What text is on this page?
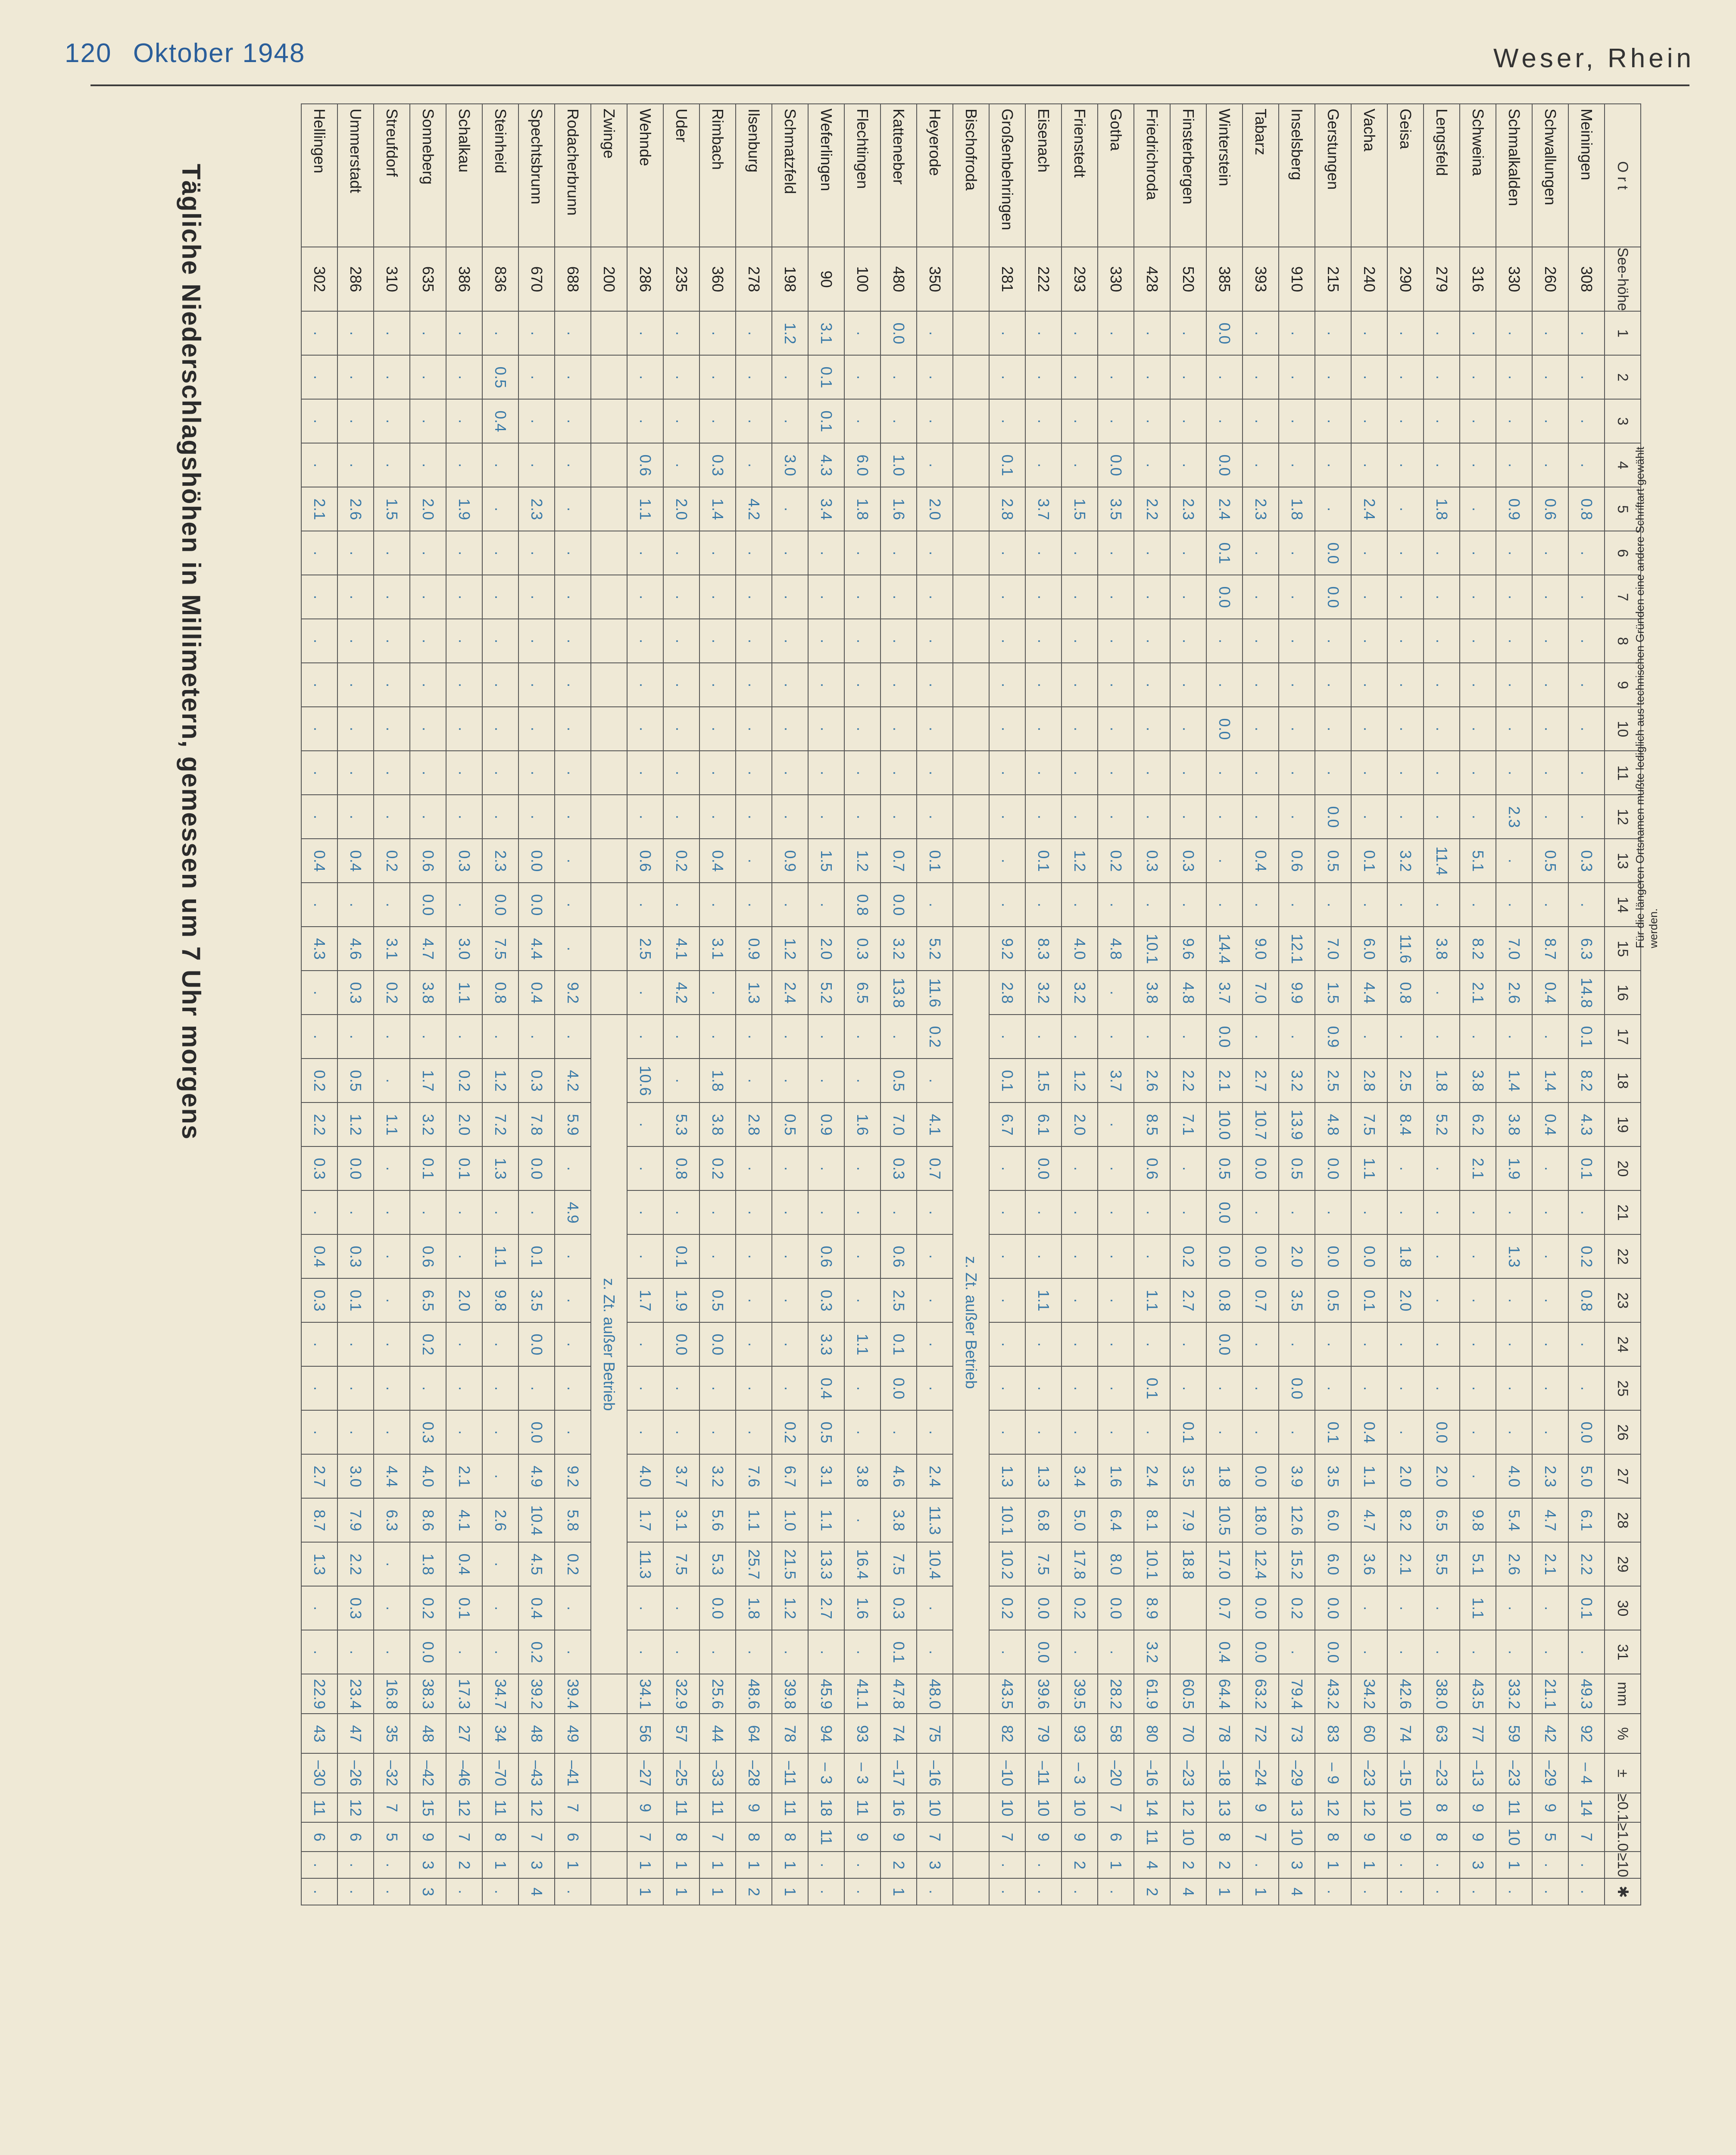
120 Oktober 1948	Weser, Rhein
Tägliche Niederschlagshöhen in Millimetern, gemessen um 7 Uhr morgens	O r t	See-höhe	1	2	3	4	5	6	7	8	9	10	11	12	13	14	15	16	17	18	19	20	21	22	23	24	25	26	27	28	29	30	31	mm	%	±	≥0.1	≥1.0	≥10	✱
Meiningen	308	.	.	.	.	0.8	.	.	.	.	.	.	.	0.3	.	6.3	14.8	0.1	8.2	4.3	0.1	.	0.2	0.8	.	.	0.0	5.0	6.1	2.2	0.1	.	49.3	92	– 4	14	7	.	.
Schwallungen	260	.	.	.	.	0.6	.	.	.	.	.	.	.	0.5	.	8.7	0.4	.	1.4	0.4	.	.	.	.	.	.	.	2.3	4.7	2.1	.	.	21.1	42	–29	9	5	.	.
Schmalkalden	330	.	.	.	.	0.9	.	.	.	.	.	.	2.3	.	.	7.0	2.6	.	1.4	3.8	1.9	.	1.3	.	.	.	.	4.0	5.4	2.6	.	.	33.2	59	–23	11	10	1	.
Schweina	316	.	.	.	.	.	.	.	.	.	.	.	.	5.1	.	8.2	2.1	.	3.8	6.2	2.1	.	.	.	.	.	.	.	9.8	5.1	1.1	.	43.5	77	–13	9	9	3	.
Lengsfeld	279	.	.	.	.	1.8	.	.	.	.	.	.	.	11.4	.	3.8	.	.	1.8	5.2	.	.	.	.	.	.	0.0	2.0	6.5	5.5	.	.	38.0	63	–23	8	8	.	.
Geisa	290	.	.	.	.	.	.	.	.	.	.	.	.	3.2	.	11.6	0.8	.	2.5	8.4	.	.	1.8	2.0	.	.	.	2.0	8.2	2.1	.	.	42.6	74	–15	10	9	.	.
Vacha	240	.	.	.	.	2.4	.	.	.	.	.	.	.	0.1	.	6.0	4.4	.	2.8	7.5	1.1	.	0.0	0.1	.	.	0.4	1.1	4.7	3.6	.	.	34.2	60	–23	12	9	1	.
Gerstungen	215	.	.	.	.	.	0.0	0.0	.	.	.	.	0.0	0.5	.	7.0	1.5	0.9	2.5	4.8	0.0	.	0.0	0.5	.	.	0.1	3.5	6.0	6.0	0.0	0.0	43.2	83	– 9	12	8	1	.
Inselsberg	910	.	.	.	.	1.8	.	.	.	.	.	.	.	0.6	.	12.1	9.9	.	3.2	13.9	0.5	.	2.0	3.5	.	0.0	.	3.9	12.6	15.2	0.2	.	79.4	73	–29	13	10	3	4
Tabarz	393	.	.	.	.	2.3	.	.	.	.	.	.	.	0.4	.	9.0	7.0	.	2.7	10.7	0.0	.	0.0	0.7	.	.	.	0.0	18.0	12.4	0.0	0.0	63.2	72	–24	9	7	.	1
Winterstein	385	0.0	.	.	0.0	2.4	0.1	0.0	.	.	0.0	.	.	.	.	14.4	3.7	0.0	2.1	10.0	0.5	0.0	0.0	0.8	0.0	.	.	1.8	10.5	17.0	0.7	0.4	64.4	78	–18	13	8	2	1
Finsterbergen	520	.	.	.	.	2.3	.	.	.	.	.	.	.	0.3	.	9.6	4.8	.	2.2	7.1	.	.	0.2	2.7	.	.	0.1	3.5	7.9	18.8			60.5	70	–23	12	10	2	4
Friedrichroda	428	.	.	.	.	2.2	.	.	.	.	.	.	.	0.3	.	10.1	3.8	.	2.6	8.5	0.6	.	.	1.1	.	0.1	.	2.4	8.1	10.1	8.9	3.2	61.9	80	–16	14	11	4	2
Gotha	330	.	.	.	0.0	3.5	.	.	.	.	.	.	.	0.2	.	4.8	.	.	3.7	.	.	.	.	.	.	.	.	1.6	6.4	8.0	0.0	.	28.2	58	–20	7	6	1	.
Frienstedt	293	.	.	.	.	1.5	.	.	.	.	.	.	.	1.2	.	4.0	3.2	.	1.2	2.0	.	.	.	.	.	.	.	3.4	5.0	17.8	0.2	.	39.5	93	– 3	10	9	2	.
Eisenach	222	.	.	.	.	3.7	.	.	.	.	.	.	.	0.1	.	8.3	3.2	.	1.5	6.1	0.0	.	.	1.1	.	.	.	1.3	6.8	7.5	0.0	0.0	39.6	79	–11	10	9	.	.
Großenbehringen	281	.	.	.	0.1	2.8	.	.	.	.	.	.	.	.	.	9.2	2.8	.	0.1	6.7	.	.	.	.	.	.	.	1.3	10.1	10.2	0.2	.	43.5	82	–10	10	7	.	.
Bischofroda																	z. Zt. außer Betrieb																						
Heyerode	350	.	.	.	.	2.0	.	.	.	.	.	.	.	0.1	.	5.2	11.6	0.2	.	4.1	0.7	.	.	.	.	.	.	2.4	11.3	10.4	.	.	48.0	75	–16	10	7	3	.
Katteneber	480	0.0	.	.	1.0	1.6	.	.	.	.	.	.	.	0.7	0.0	3.2	13.8	.	0.5	7.0	0.3	.	0.6	2.5	0.1	0.0	.	4.6	3.8	7.5	0.3	0.1	47.8	74	–17	16	9	2	1
Flechtingen	100	.	.	.	6.0	1.8	.	.	.	.	.	.	.	1.2	0.8	0.3	6.5	.	.	1.6	.	.	.	.	1.1	.	.	3.8	.	16.4	1.6	.	41.1	93	– 3	11	9	.	.
Weferlingen	90	3.1	0.1	0.1	4.3	3.4	.	.	.	.	.	.	.	1.5	.	2.0	5.2	.	.	0.9	.	.	0.6	0.3	3.3	0.4	0.5	3.1	1.1	13.3	2.7	.	45.9	94	– 3	18	11	.	.
Schmatzfeld	198	1.2	.	.	3.0	.	.	.	.	.	.	.	.	0.9	.	1.2	2.4	.	.	0.5	.	.	.	.	.	.	0.2	6.7	1.0	21.5	1.2	.	39.8	78	–11	11	8	1	1
Ilsenburg	278	.	.	.	.	4.2	.	.	.	.	.	.	.	.	.	0.9	1.3	.	.	2.8	.	.	.	.	.	.	.	7.6	1.1	25.7	1.8	.	48.6	64	–28	9	8	1	2
Rimbach	360	.	.	.	0.3	1.4	.	.	.	.	.	.	.	0.4	.	3.1	.	.	1.8	3.8	0.2	.	.	0.5	0.0	.	.	3.2	5.6	5.3	0.0	.	25.6	44	–33	11	7	1	1
Uder	235	.	.	.	.	2.0	.	.	.	.	.	.	.	0.2	.	4.1	4.2	.	.	5.3	0.8	.	0.1	1.9	0.0	.	.	3.7	3.1	7.5	.	.	32.9	57	–25	11	8	1	1
Wehnde	286	.	.	.	0.6	1.1	.	.	.	.	.	.	.	0.6	.	2.5	.	.	10.6	.	.	.	.	1.7	.	.	.	4.0	1.7	11.3	.	.	34.1	56	–27	9	7	1	1
Zwinge	200																	z. Zt. außer Betrieb																					
Rodacherbrunn	688	.	.	.	.	.	.	.	.	.	.	.	.	.	.	.	9.2	.	4.2	5.9	.	4.9	.	.	.	.	.	9.2	5.8	0.2	.	.	39.4	49	–41	7	6	1	.
Spechtsbrunn	670	.	.	.	.	2.3	.	.	.	.	.	.	.	0.0	0.0	4.4	0.4	.	0.3	7.8	0.0	.	0.1	3.5	0.0	.	0.0	4.9	10.4	4.5	0.4	0.2	39.2	48	–43	12	7	3	4
Steinheid	836	.	0.5	0.4	.	.	.	.	.	.	.	.	.	2.3	0.0	7.5	0.8	.	1.2	7.2	1.3	.	1.1	9.8	.	.	.	.	2.6	.	.	.	34.7	34	–70	11	8	1	.
Schalkau	386	.	.	.	.	1.9	.	.	.	.	.	.	.	0.3	.	3.0	1.1	.	0.2	2.0	0.1	.	.	2.0	.	.	.	2.1	4.1	0.4	0.1	.	17.3	27	–46	12	7	2	.
Sonneberg	635	.	.	.	.	2.0	.	.	.	.	.	.	.	0.6	0.0	4.7	3.8	.	1.7	3.2	0.1	.	0.6	6.5	0.2	.	0.3	4.0	8.6	1.8	0.2	0.0	38.3	48	–42	15	9	3	3
Streufdorf	310	.	.	.	.	1.5	.	.	.	.	.	.	.	0.2	.	3.1	0.2	.	.	1.1	.	.	.	.	.	.	.	4.4	6.3	.	.	.	16.8	35	–32	7	5	.	.
Ummerstadt	286	.	.	.	.	2.6	.	.	.	.	.	.	.	0.4	.	4.6	0.3	.	0.5	1.2	0.0	.	0.3	0.1	.	.	.	3.0	7.9	2.2	0.3	.	23.4	47	–26	12	6	.	.
Hellingen	302	.	.	.	.	2.1	.	.	.	.	.	.	.	0.4	.	4.3	.	.	0.2	2.2	0.3	.	0.4	0.3	.	.	.	2.7	8.7	1.3	.	.	22.9	43	–30	11	6	.	.
Für die längeren Ortsnamen mußte lediglich aus technischen Gründen eine andere Schriftart gewählt werden.
